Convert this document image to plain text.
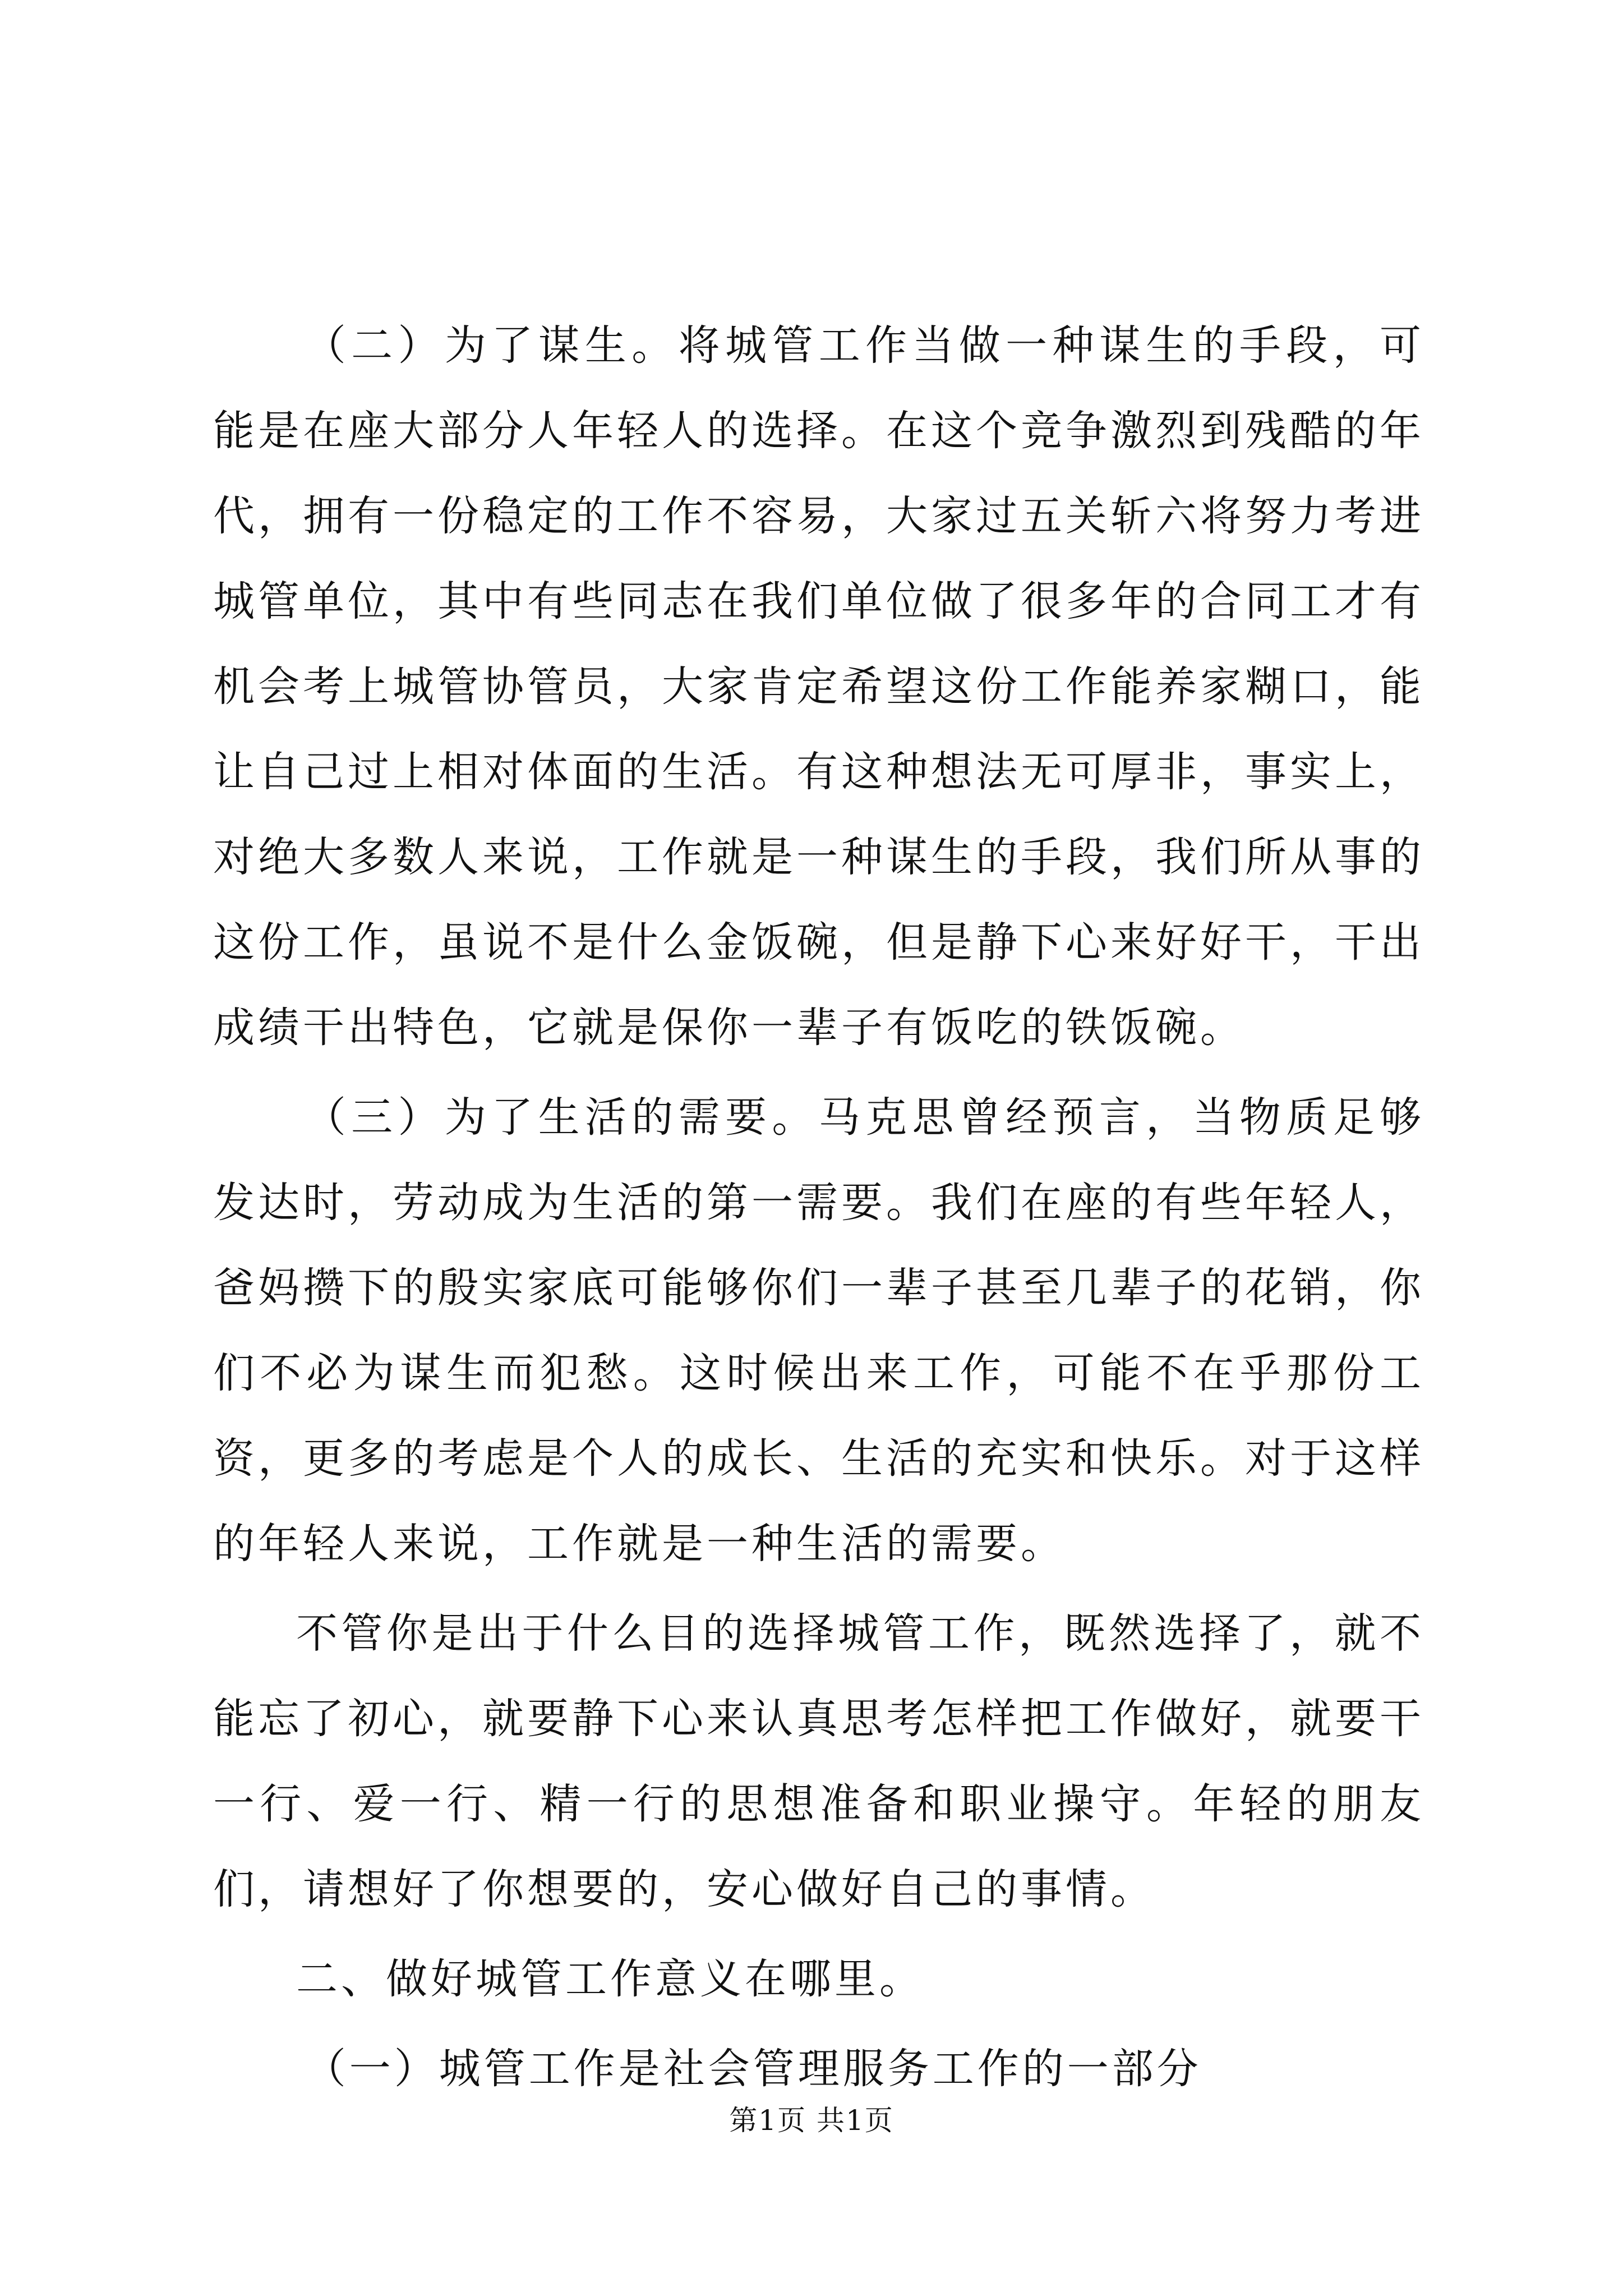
（二）为了谋生。将城管工作当做一种谋生的手段，可能是在座大部分人年轻人的选择。在这个竞争激烈到残酷的年代，拥有一份稳定的工作不容易，大家过五关斩六将努力考进城管单位，其中有些同志在我们单位做了很多年的合同工才有机会考上城管协管员，大家肯定希望这份工作能养家糊口，能让自己过上相对体面的生活。有这种想法无可厚非，事实上，对绝大多数人来说，工作就是一种谋生的手段，我们所从事的这份工作，虽说不是什么金饭碗，但是静下心来好好干，干出成绩干出特色，它就是保你一辈子有饭吃的铁饭碗。

（三）为了生活的需要。马克思曾经预言，当物质足够发达时，劳动成为生活的第一需要。我们在座的有些年轻人，爸妈攒下的殷实家底可能够你们一辈子甚至几辈子的花销，你们不必为谋生而犯愁。这时候出来工作，可能不在乎那份工资，更多的考虑是个人的成长、生活的充实和快乐。对于这样的年轻人来说，工作就是一种生活的需要。

不管你是出于什么目的选择城管工作，既然选择了，就不能忘了初心，就要静下心来认真思考怎样把工作做好，就要干一行、爱一行、精一行的思想准备和职业操守。年轻的朋友们，请想好了你想要的，安心做好自己的事情。

二、做好城管工作意义在哪里。

（一）城管工作是社会管理服务工作的一部分

第1页 共1页
